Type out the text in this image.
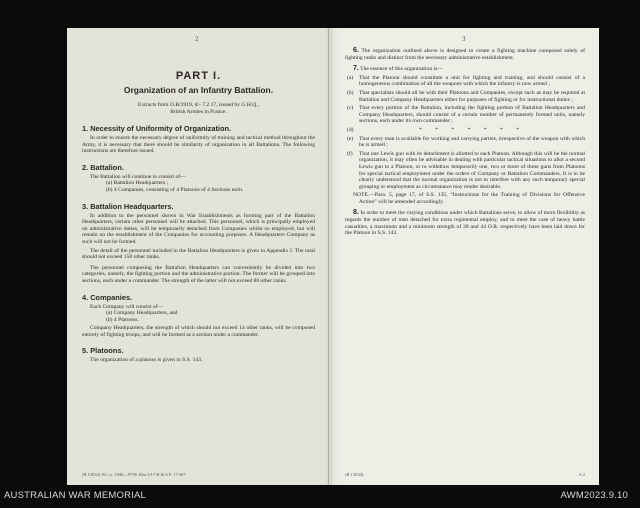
2
PART I.
Organization of an Infantry Battalion.
Extracts from O.B/1919, d/- 7.2.17, issued by G.H.Q.,
British Armies in France.
1. Necessity of Uniformity of Organization.
In order to ensure the necessary degree of uniformity of training and tactical method throughout the Army, it is necessary that there should be similarity of organization in all Battalions. The following instructions are therefore issued.
2. Battalion.
The Battalion will continue to consist of—
(a) Battalion Headquarters ;
(b) 4 Companies, consisting of 4 Platoons of 4 Sections each.
3. Battalion Headquarters.
In addition to the personnel shown in War Establishments as forming part of the Battalion Headquarters, certain other personnel will be attached. This personnel, which is principally employed on administrative duties, will be temporarily detached from Companies whilst so employed, but will remain on the establishment of the Companies for accounting purposes. A Headquarters Company as such will not be formed.
The detail of the personnel included in the Battalion Headquarters is given in Appendix I. The total should not exceed 150 other ranks.
The personnel composing the Battalion Headquarters can conveniently be divided into two categories, namely, the fighting portion and the administrative portion. The former will be grouped into sections, each under a commander. The strength of the latter will not exceed 80 other ranks.
4. Companies.
Each Company will consist of—
(a) Company Headquarters, and
(b) 4 Platoons.
Company Headquarters, the strength of which should not exceed 14 other ranks, will be composed entirely of fighting troops, and will be formed as a section under a commander.
5. Platoons.
The organization of a platoon is given in S.S. 143.
(B 13034) Wt. w. 1949—9796 10m 3/17 H & S P. 17/367
3
6. The organization outlined above is designed to create a fighting machine composed solely of fighting ranks and distinct from the necessary administrative establishment.
7. The essence of this organization is—
(a)	That the Platoon should constitute a unit for fighting and training, and should consist of a homogeneous combination of all the weapons with which the infantry is now armed ;
(b) That specialists should all be with their Platoons and Companies, except such as may be required at Battalion and Company Headquarters either for purposes of fighting or for instructional duties ;
(c)	That every portion of the Battalion, including the fighting portion of Battalion Headquarters and Company Headquarters, should consist of a certain number of permanently formed units, namely sections, each under its own commander ;
(d)	* * * * * * *
(e)	That every man is available for working and carrying parties, irrespective of the weapon with which he is armed ;
(f)	That one Lewis gun with its detachment is allotted to each Platoon. Although this will be the normal organization, it may often be advisable in dealing with particular tactical situations to allot a second Lewis gun to a Platoon, or to withdraw temporarily one, two or more of these guns from Platoons for special tactical employment under the orders of Company or Battalion Commanders. It is to be clearly understood that the normal organization is not to interfere with any such temporary special grouping or employment as circumstance may render desirable.
NOTE.—Para. 5, page 17, of S.S. 135, “Instructions for the Training of Divisions for Offensive Action” will be amended accordingly.
8. In order to meet the varying conditions under which Battalions serve, to allow of more flexibility as regards the number of men detached for extra regimental employ, and to meet the case of heavy battle casualties, a maximum and a minimum strength of 28 and 44 O.R. respectively have been laid down for the Platoon in S.S. 143.
(B 13034)	A 2
AUSTRALIAN WAR MEMORIAL	AWM2023.9.10
